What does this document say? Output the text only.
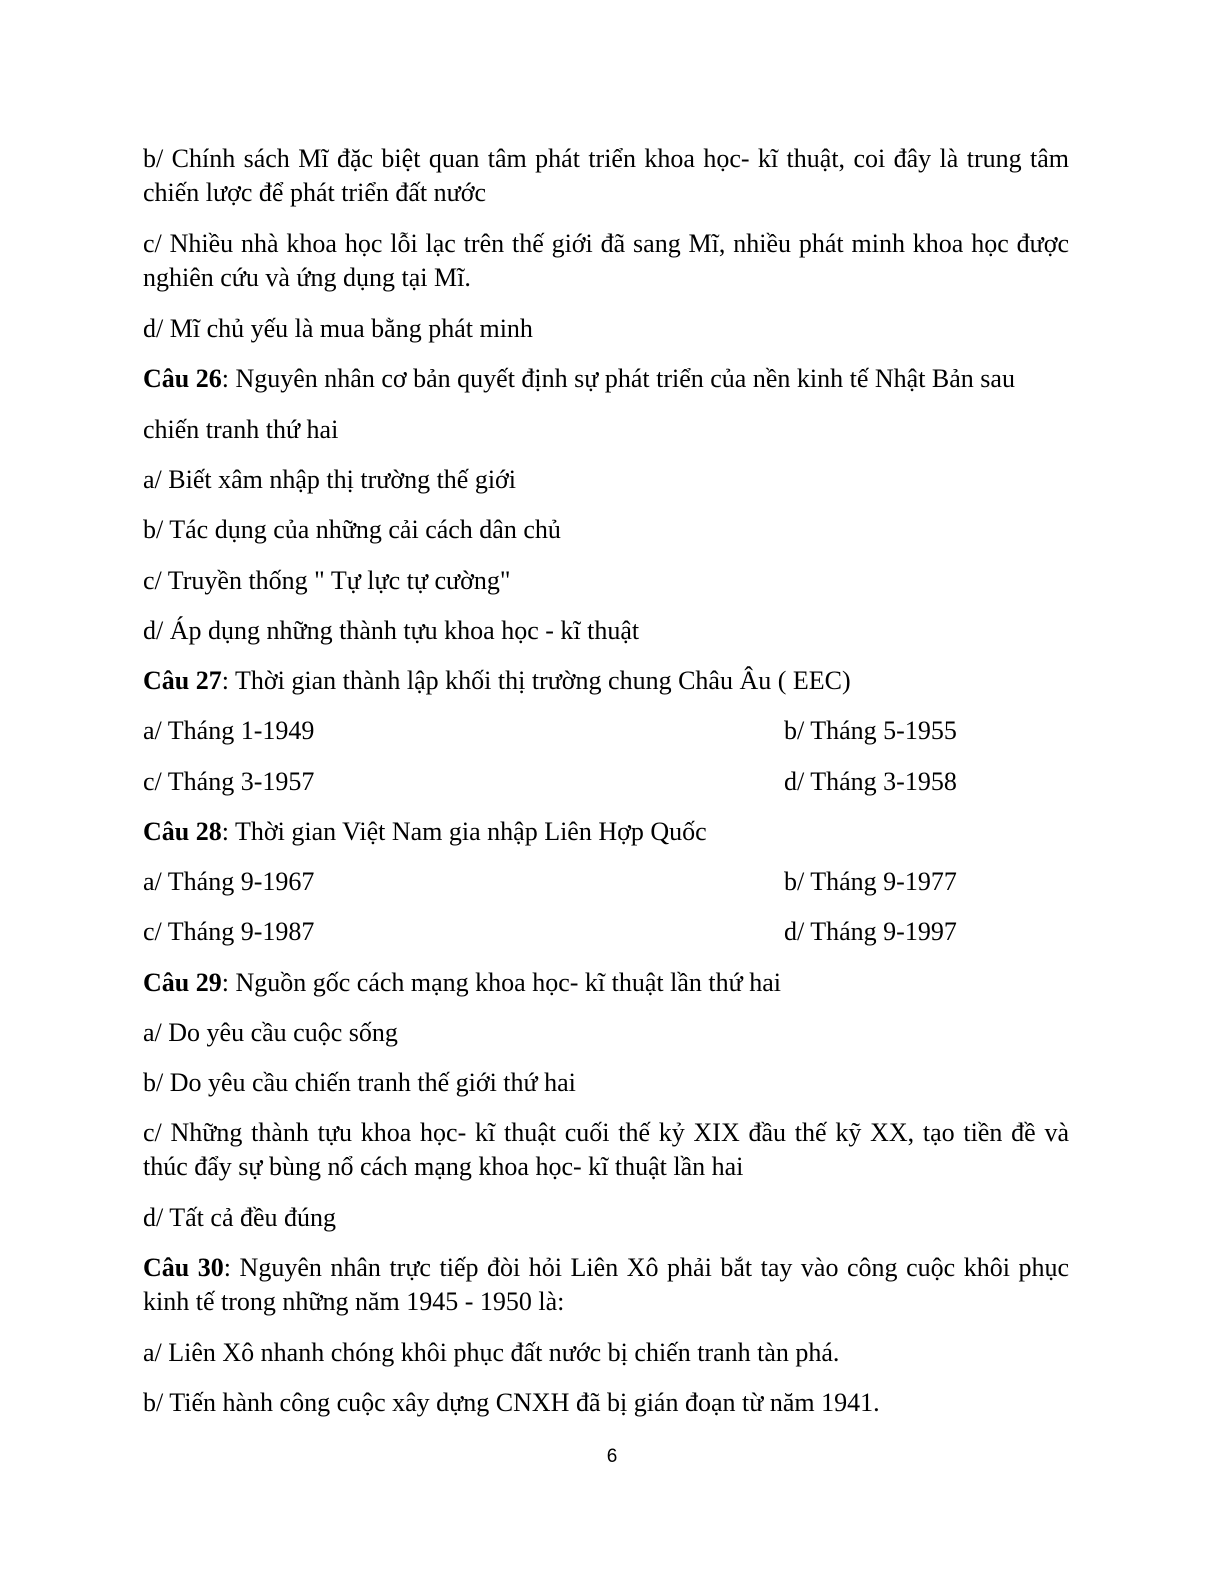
b/ Chính sách Mĩ đặc biệt quan tâm phát triển khoa học- kĩ thuật, coi đây là trung tâm chiến lược để phát triển đất nước
c/ Nhiều nhà khoa học lỗi lạc trên thế giới đã sang Mĩ, nhiều phát minh khoa học được nghiên cứu và ứng dụng tại Mĩ.
d/ Mĩ chủ yếu là mua bằng phát minh
Câu 26: Nguyên nhân cơ bản quyết định sự phát triển của nền kinh tế Nhật Bản sau
chiến tranh thứ hai
a/ Biết xâm nhập thị trường thế giới
b/ Tác dụng của những cải cách dân chủ
c/ Truyền thống " Tự lực tự cường"
d/ Áp dụng những thành tựu khoa học - kĩ thuật
Câu 27: Thời gian thành lập khối thị trường chung Châu Âu ( EEC)
a/ Tháng 1-1949	b/ Tháng 5-1955
c/ Tháng 3-1957	d/ Tháng 3-1958
Câu 28: Thời gian Việt Nam gia nhập Liên Hợp Quốc
a/ Tháng 9-1967	b/ Tháng 9-1977
c/ Tháng 9-1987	d/ Tháng 9-1997
Câu 29: Nguồn gốc cách mạng khoa học- kĩ thuật lần thứ hai
a/ Do yêu cầu cuộc sống
b/ Do yêu cầu chiến tranh thế giới thứ hai
c/ Những thành tựu khoa học- kĩ thuật cuối thế kỷ XIX đầu thế kỹ XX, tạo tiền đề và thúc đẩy sự bùng nổ cách mạng khoa học- kĩ thuật lần hai
d/ Tất cả đều đúng
Câu 30: Nguyên nhân trực tiếp đòi hỏi Liên Xô phải bắt tay vào công cuộc khôi phục kinh tế trong những năm 1945 - 1950 là:
a/ Liên Xô nhanh chóng khôi phục đất nước bị chiến tranh tàn phá.
b/ Tiến hành công cuộc xây dựng CNXH đã bị gián đoạn từ năm 1941.
6
